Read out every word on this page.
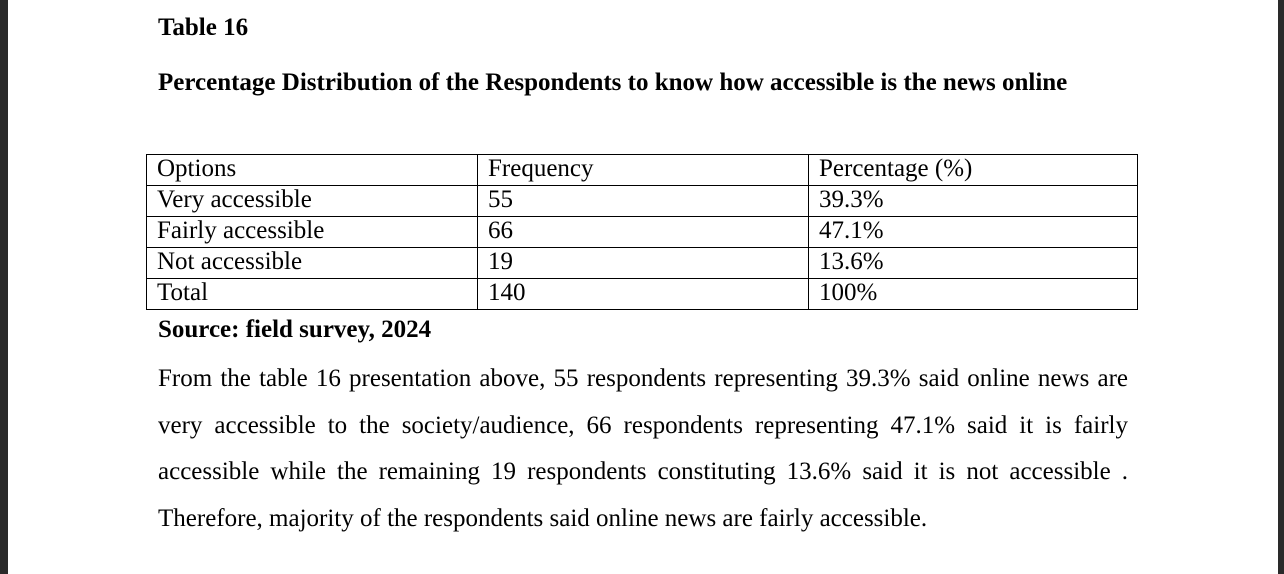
Table 16
Percentage Distribution of the Respondents to know how accessible is the news online
Options	Frequency	Percentage (%)
Very accessible	55	39.3%
Fairly accessible	66	47.1%
Not accessible	19	13.6%
Total	140	100%
Source: field survey, 2024
From the table 16 presentation above, 55 respondents representing 39.3% said online news are very accessible to the society/audience, 66 respondents representing 47.1% said it is fairly accessible while the remaining 19 respondents constituting 13.6% said it is not accessible . Therefore, majority of the respondents said online news are fairly accessible.
